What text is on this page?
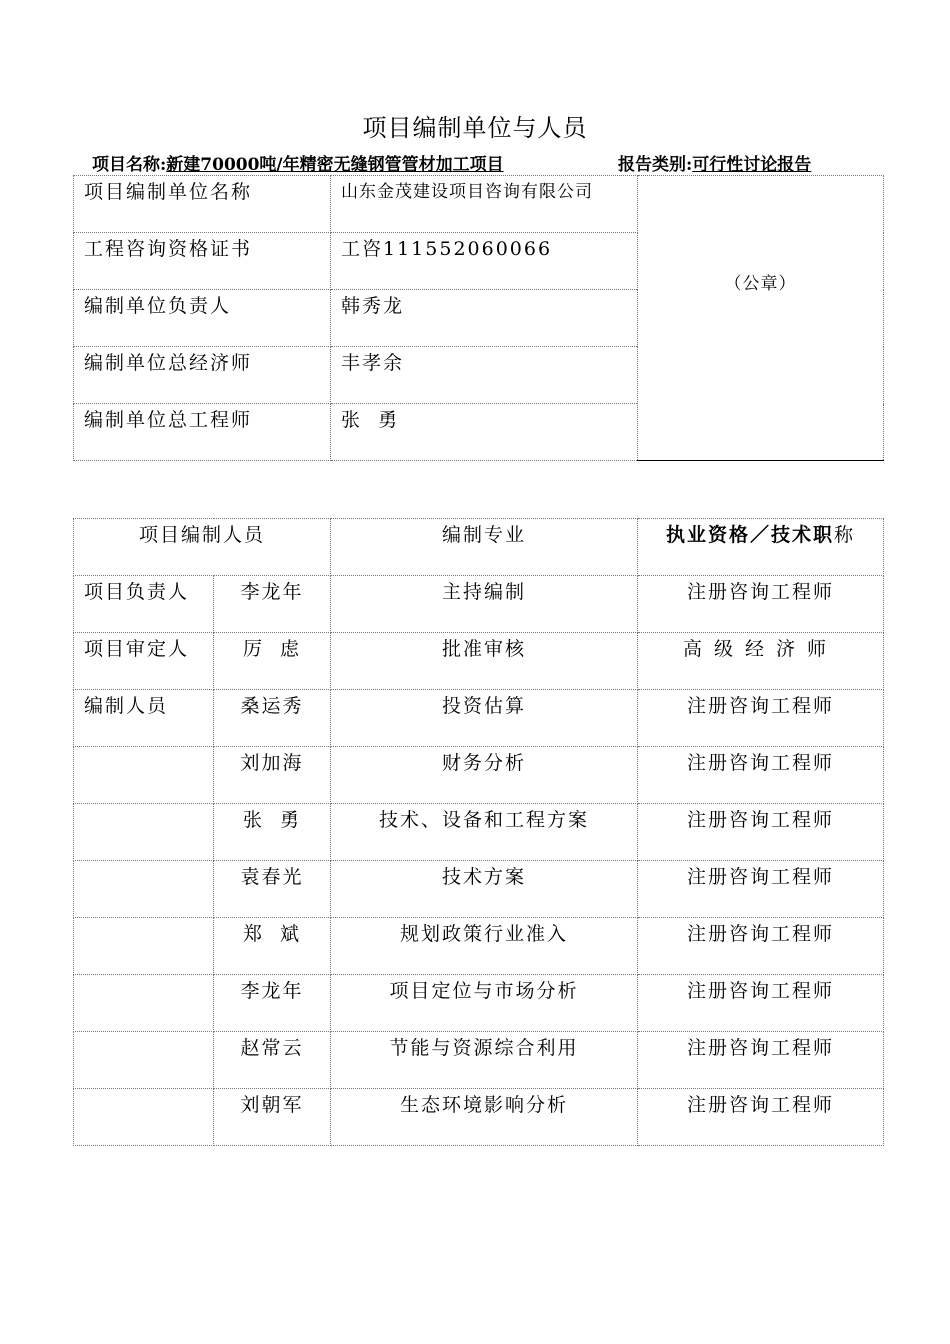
项目编制单位与人员
项目名称:新建70000吨/年精密无缝钢管管材加工项目	报告类别:可行性讨论报告
项目编制单位名称	山东金茂建设项目咨询有限公司	（公章）

工程咨询资格证书	工咨111552060066	

编制单位负责人	韩秀龙	

编制单位总经济师	丰孝余	

编制单位总工程师	张  勇	
项目编制人员		编制专业	执业资格／技术职称

项目负责人	李龙年	主持编制	注册咨询工程师

项目审定人	厉  虑	批准审核	高级经济师

编制人员	桑运秀	投资估算	注册咨询工程师

	刘加海	财务分析	注册咨询工程师

	张  勇	技术、设备和工程方案	注册咨询工程师

	袁春光	技术方案	注册咨询工程师

	郑  斌	规划政策行业准入	注册咨询工程师

	李龙年	项目定位与市场分析	注册咨询工程师

	赵常云	节能与资源综合利用	注册咨询工程师

	刘朝军	生态环境影响分析	注册咨询工程师
